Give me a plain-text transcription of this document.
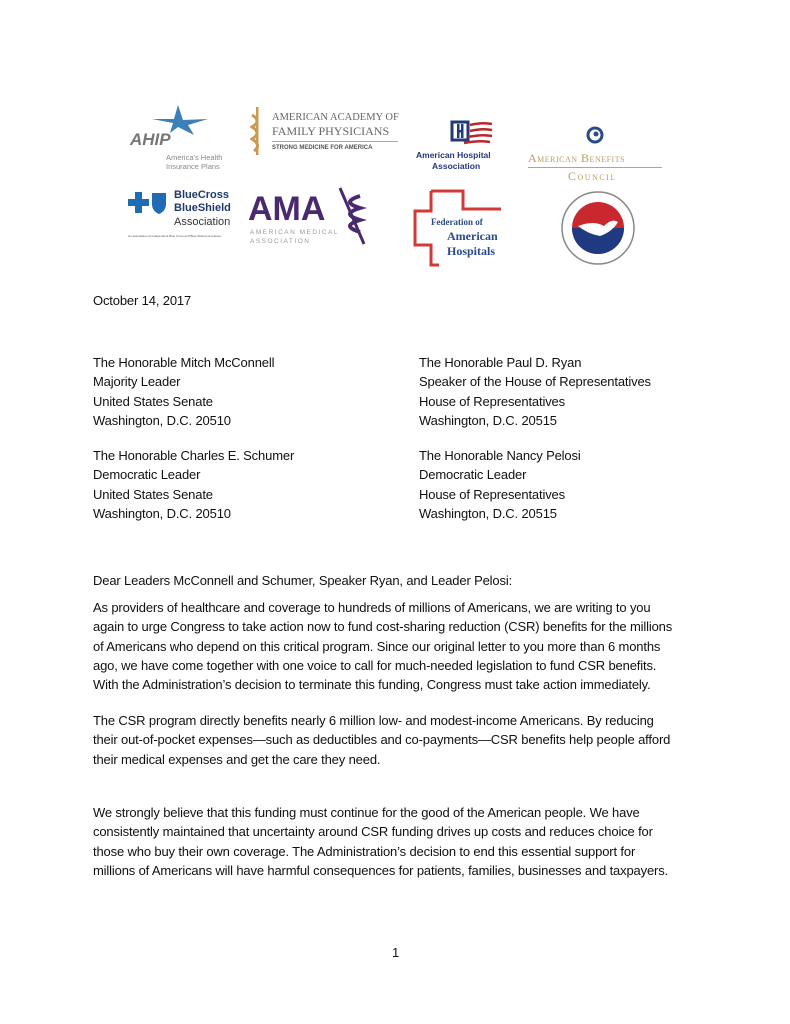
AHIP
America's Health
Insurance Plans
AMERICAN ACADEMY OF
FAMILY PHYSICIANS
STRONG MEDICINE FOR AMERICA
American Hospital
Association
American Benefits
Council
BlueCross
BlueShield
Association
An association of independent Blue Cross and Blue Shield companies
AMA
AMERICAN MEDICAL
ASSOCIATION
Federation of
American
Hospitals
October 14, 2017
The Honorable Mitch McConnell
Majority Leader
United States Senate
Washington, D.C. 20510
The Honorable Paul D. Ryan
Speaker of the House of Representatives
House of Representatives
Washington, D.C. 20515
The Honorable Charles E. Schumer
Democratic Leader
United States Senate
Washington, D.C. 20510
The Honorable Nancy Pelosi
Democratic Leader
House of Representatives
Washington, D.C. 20515
Dear Leaders McConnell and Schumer, Speaker Ryan, and Leader Pelosi:
As providers of healthcare and coverage to hundreds of millions of Americans, we are writing to you
again to urge Congress to take action now to fund cost-sharing reduction (CSR) benefits for the millions
of Americans who depend on this critical program. Since our original letter to you more than 6 months
ago, we have come together with one voice to call for much-needed legislation to fund CSR benefits.
With the Administration’s decision to terminate this funding, Congress must take action immediately.
The CSR program directly benefits nearly 6 million low- and modest-income Americans. By reducing
their out-of-pocket expenses—such as deductibles and co-payments—CSR benefits help people afford
their medical expenses and get the care they need.
We strongly believe that this funding must continue for the good of the American people. We have
consistently maintained that uncertainty around CSR funding drives up costs and reduces choice for
those who buy their own coverage. The Administration’s decision to end this essential support for
millions of Americans will have harmful consequences for patients, families, businesses and taxpayers.
1
